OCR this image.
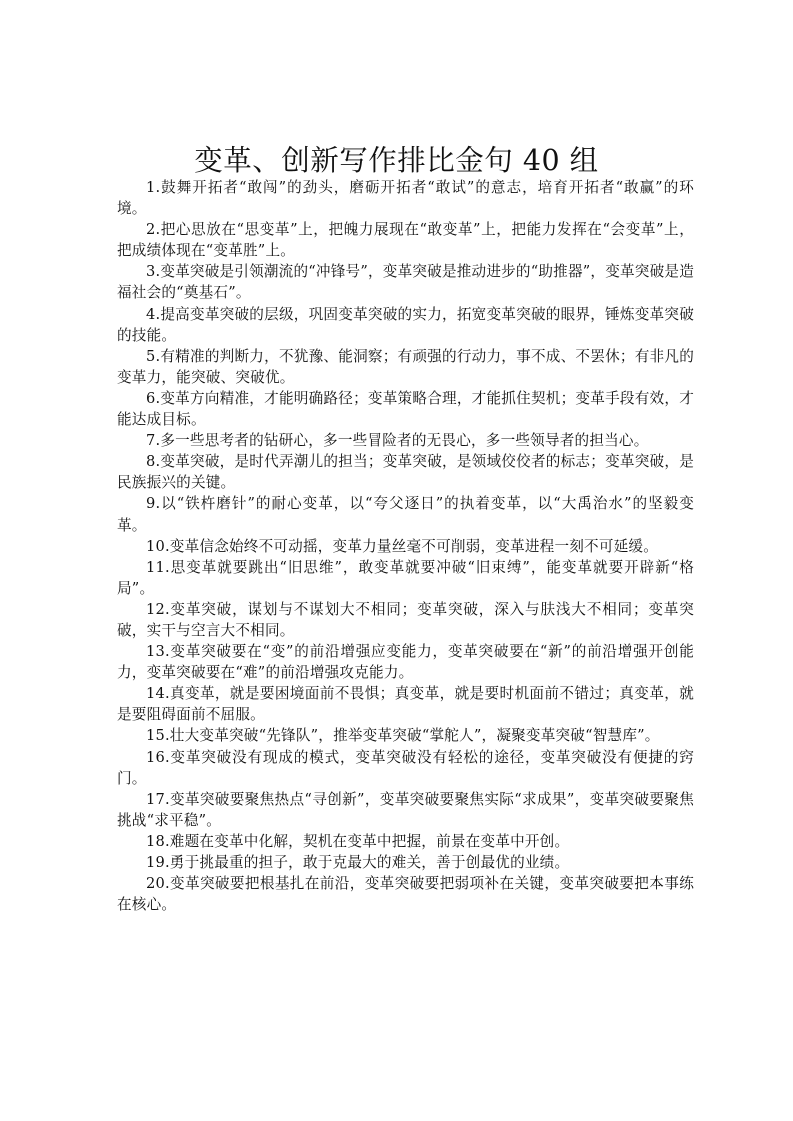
变革、创新写作排比金句 40 组

1.鼓舞开拓者“敢闯”的劲头，磨砺开拓者“敢试”的意志，培育开拓者“敢赢”的环境。

2.把心思放在“思变革”上，把魄力展现在“敢变革”上，把能力发挥在“会变革”上，把成绩体现在“变革胜”上。

3.变革突破是引领潮流的“冲锋号”，变革突破是推动进步的“助推器”，变革突破是造福社会的“奠基石”。

4.提高变革突破的层级，巩固变革突破的实力，拓宽变革突破的眼界，锤炼变革突破的技能。

5.有精准的判断力，不犹豫、能洞察；有顽强的行动力，事不成、不罢休；有非凡的变革力，能突破、突破优。

6.变革方向精准，才能明确路径；变革策略合理，才能抓住契机；变革手段有效，才能达成目标。

7.多一些思考者的钻研心，多一些冒险者的无畏心，多一些领导者的担当心。

8.变革突破，是时代弄潮儿的担当；变革突破，是领域佼佼者的标志；变革突破，是民族振兴的关键。

9.以“铁杵磨针”的耐心变革，以“夸父逐日”的执着变革，以“大禹治水”的坚毅变革。

10.变革信念始终不可动摇，变革力量丝毫不可削弱，变革进程一刻不可延缓。

11.思变革就要跳出“旧思维”，敢变革就要冲破“旧束缚”，能变革就要开辟新“格局”。

12.变革突破，谋划与不谋划大不相同；变革突破，深入与肤浅大不相同；变革突破，实干与空言大不相同。

13.变革突破要在“变”的前沿增强应变能力，变革突破要在“新”的前沿增强开创能力，变革突破要在“难”的前沿增强攻克能力。

14.真变革，就是要困境面前不畏惧；真变革，就是要时机面前不错过；真变革，就是要阻碍面前不屈服。

15.壮大变革突破“先锋队”，推举变革突破“掌舵人”，凝聚变革突破“智慧库”。

16.变革突破没有现成的模式，变革突破没有轻松的途径，变革突破没有便捷的窍门。

17.变革突破要聚焦热点“寻创新”，变革突破要聚焦实际“求成果”，变革突破要聚焦挑战“求平稳”。

18.难题在变革中化解，契机在变革中把握，前景在变革中开创。

19.勇于挑最重的担子，敢于克最大的难关，善于创最优的业绩。

20.变革突破要把根基扎在前沿，变革突破要把弱项补在关键，变革突破要把本事练在核心。
